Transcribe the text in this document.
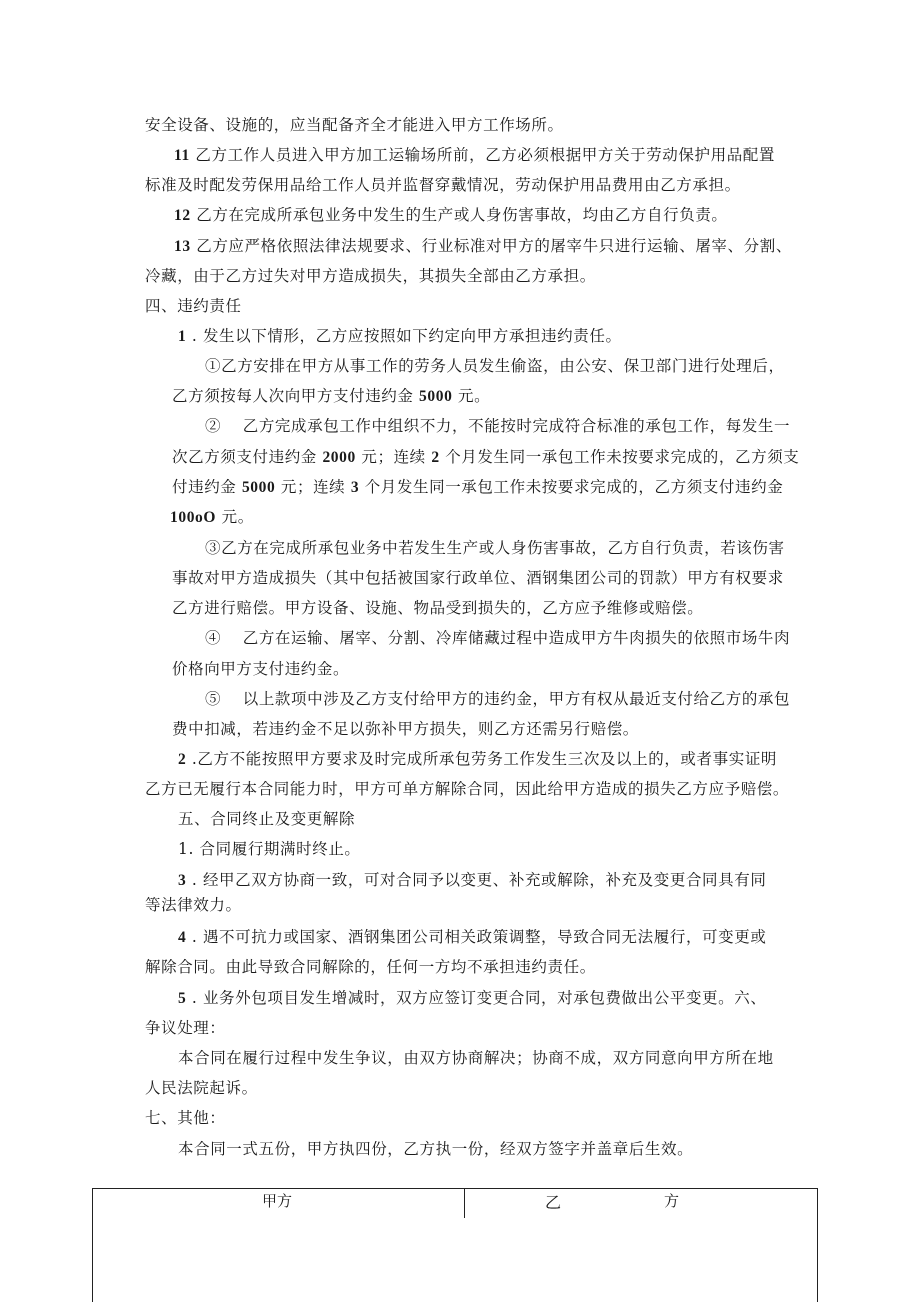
安全设备、设施的，应当配备齐全才能进入甲方工作场所。
11 乙方工作人员进入甲方加工运输场所前，乙方必须根据甲方关于劳动保护用品配置
标准及时配发劳保用品给工作人员并监督穿戴情况，劳动保护用品费用由乙方承担。
12 乙方在完成所承包业务中发生的生产或人身伤害事故，均由乙方自行负责。
13 乙方应严格依照法律法规要求、行业标准对甲方的屠宰牛只进行运输、屠宰、分割、
冷藏，由于乙方过失对甲方造成损失，其损失全部由乙方承担。
四、违约责任
1 . 发生以下情形，乙方应按照如下约定向甲方承担违约责任。
①乙方安排在甲方从事工作的劳务人员发生偷盗，由公安、保卫部门进行处理后，
乙方须按每人次向甲方支付违约金 5000 元。
②　 乙方完成承包工作中组织不力，不能按时完成符合标准的承包工作，每发生一
次乙方须支付违约金 2000 元；连续 2 个月发生同一承包工作未按要求完成的，乙方须支
付违约金 5000 元；连续 3 个月发生同一承包工作未按要求完成的，乙方须支付违约金
100oO 元。
③乙方在完成所承包业务中若发生生产或人身伤害事故，乙方自行负责，若该伤害
事故对甲方造成损失（其中包括被国家行政单位、酒钢集团公司的罚款）甲方有权要求
乙方进行赔偿。甲方设备、设施、物品受到损失的，乙方应予维修或赔偿。
④　 乙方在运输、屠宰、分割、冷库储藏过程中造成甲方牛肉损失的依照市场牛肉
价格向甲方支付违约金。
⑤　 以上款项中涉及乙方支付给甲方的违约金，甲方有权从最近支付给乙方的承包
费中扣减，若违约金不足以弥补甲方损失，则乙方还需另行赔偿。
2 .乙方不能按照甲方要求及时完成所承包劳务工作发生三次及以上的，或者事实证明
乙方已无履行本合同能力时，甲方可单方解除合同，因此给甲方造成的损失乙方应予赔偿。
五、合同终止及变更解除
1. 合同履行期满时终止。
3 . 经甲乙双方协商一致，可对合同予以变更、补充或解除，补充及变更合同具有同
等法律效力。
4 . 遇不可抗力或国家、酒钢集团公司相关政策调整，导致合同无法履行，可变更或
解除合同。由此导致合同解除的，任何一方均不承担违约责任。
5 . 业务外包项目发生增减时，双方应签订变更合同，对承包费做出公平变更。六、
争议处理：
本合同在履行过程中发生争议，由双方协商解决；协商不成，双方同意向甲方所在地
人民法院起诉。
七、其他：
本合同一式五份，甲方执四份，乙方执一份，经双方签字并盖章后生效。
甲方	乙	方
